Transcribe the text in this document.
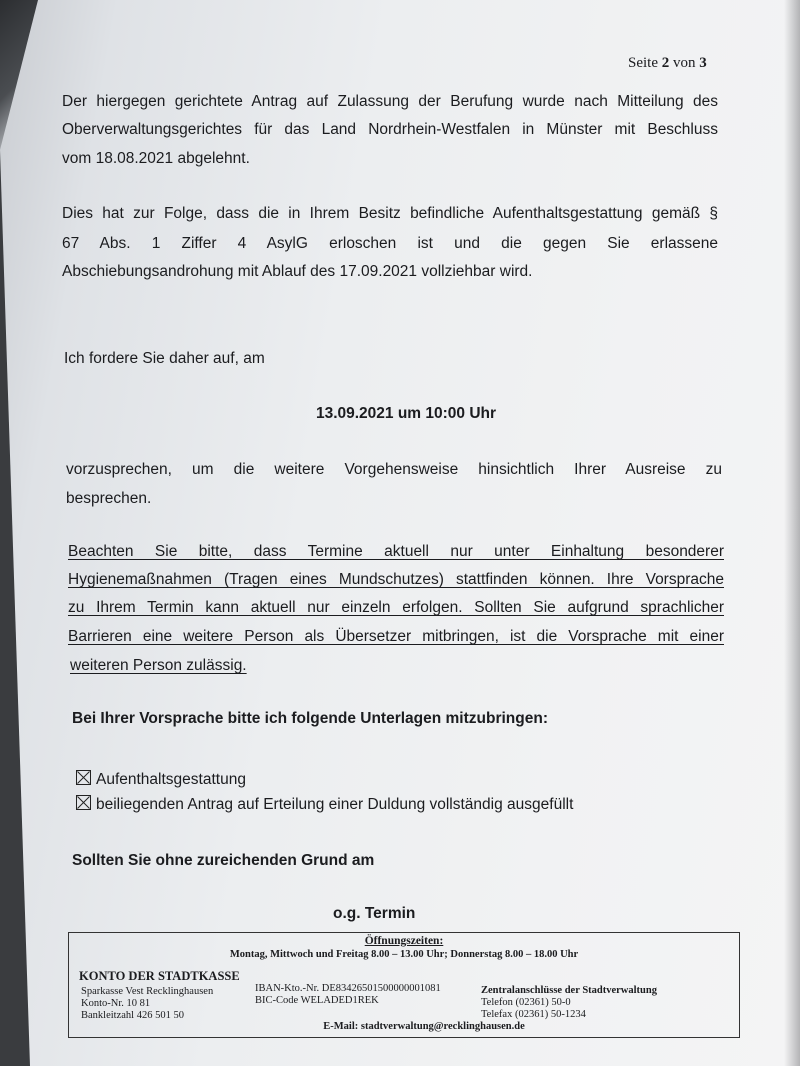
Seite 2 von 3
Der hiergegen gerichtete Antrag auf Zulassung der Berufung wurde nach Mitteilung des
Oberverwaltungsgerichtes für das Land Nordrhein-Westfalen in Münster mit Beschluss
vom 18.08.2021 abgelehnt.
Dies hat zur Folge, dass die in Ihrem Besitz befindliche Aufenthaltsgestattung gemäß §
67 Abs. 1 Ziffer 4 AsylG erloschen ist und die gegen Sie erlassene
Abschiebungsandrohung mit Ablauf des 17.09.2021 vollziehbar wird.
Ich fordere Sie daher auf, am
13.09.2021 um 10:00 Uhr
vorzusprechen, um die weitere Vorgehensweise hinsichtlich Ihrer Ausreise zu
besprechen.
Beachten Sie bitte, dass Termine aktuell nur unter Einhaltung besonderer
Hygienemaßnahmen (Tragen eines Mundschutzes) stattfinden können. Ihre Vorsprache
zu Ihrem Termin kann aktuell nur einzeln erfolgen. Sollten Sie aufgrund sprachlicher
Barrieren eine weitere Person als Übersetzer mitbringen, ist die Vorsprache mit einer
weiteren Person zulässig.
Bei Ihrer Vorsprache bitte ich folgende Unterlagen mitzubringen:
Aufenthaltsgestattung
beiliegenden Antrag auf Erteilung einer Duldung vollständig ausgefüllt
Sollten Sie ohne zureichenden Grund am
o.g. Termin
Öffnungszeiten:
Montag, Mittwoch und Freitag 8.00 – 13.00 Uhr; Donnerstag 8.00 – 18.00 Uhr
KONTO DER STADTKASSE
Sparkasse Vest Recklinghausen
Konto-Nr. 10 81
Bankleitzahl 426 501 50
IBAN-Kto.-Nr. DE83426501500000001081
BIC-Code WELADED1REK
Zentralanschlüsse der Stadtverwaltung
Telefon (02361) 50-0
Telefax (02361) 50-1234
E-Mail: stadtverwaltung@recklinghausen.de
